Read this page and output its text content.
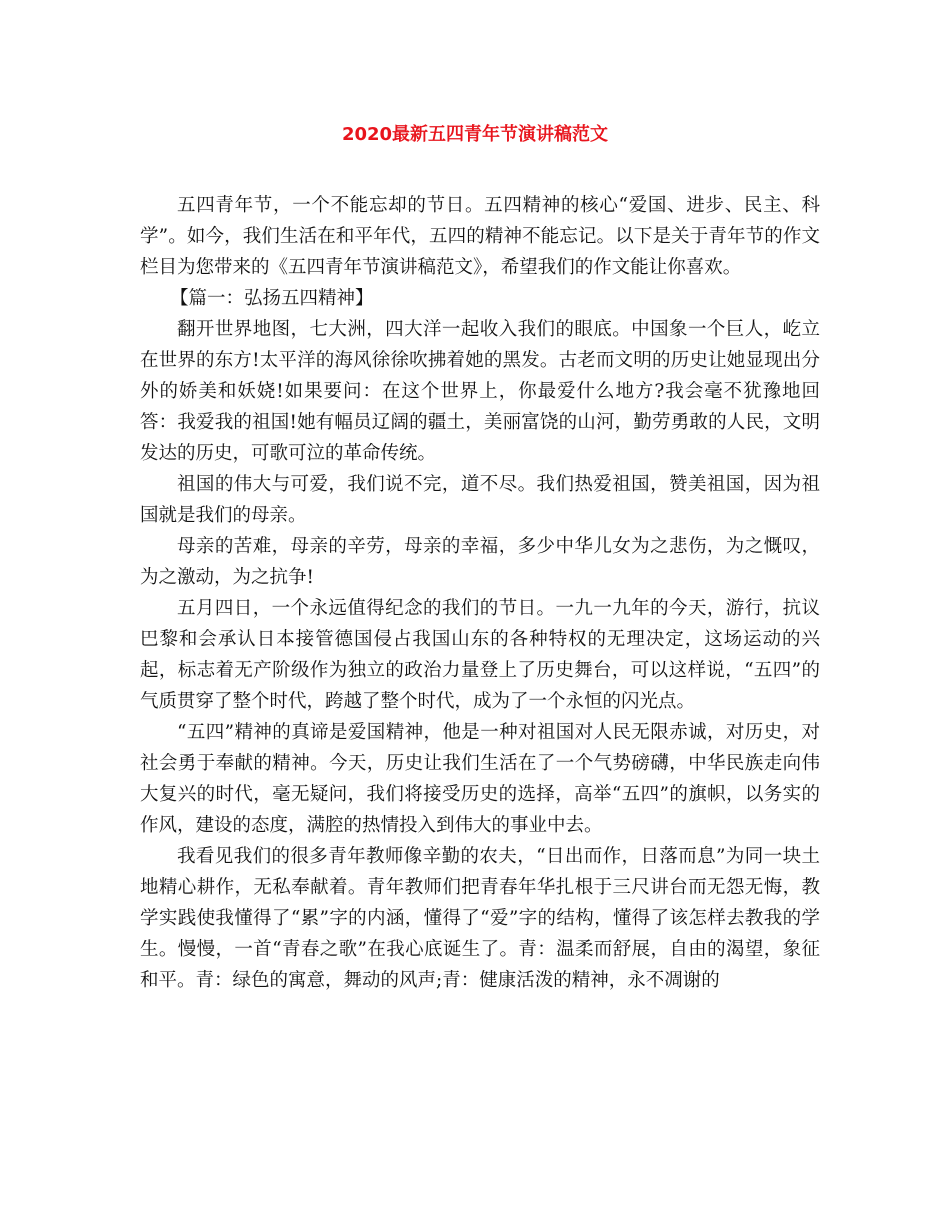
2020最新五四青年节演讲稿范文

五四青年节，一个不能忘却的节日。五四精神的核心“爱国、进步、民主、科学”。如今，我们生活在和平年代，五四的精神不能忘记。以下是关于青年节的作文栏目为您带来的《五四青年节演讲稿范文》，希望我们的作文能让你喜欢。

【篇一：弘扬五四精神】

翻开世界地图，七大洲，四大洋一起收入我们的眼底。中国象一个巨人，屹立在世界的东方!太平洋的海风徐徐吹拂着她的黑发。古老而文明的历史让她显现出分外的娇美和妖娆!如果要问：在这个世界上，你最爱什么地方?我会毫不犹豫地回答：我爱我的祖国!她有幅员辽阔的疆土，美丽富饶的山河，勤劳勇敢的人民，文明发达的历史，可歌可泣的革命传统。

祖国的伟大与可爱，我们说不完，道不尽。我们热爱祖国，赞美祖国，因为祖国就是我们的母亲。

母亲的苦难，母亲的辛劳，母亲的幸福，多少中华儿女为之悲伤，为之慨叹，为之激动，为之抗争!

五月四日，一个永远值得纪念的我们的节日。一九一九年的今天，游行，抗议巴黎和会承认日本接管德国侵占我国山东的各种特权的无理决定，这场运动的兴起，标志着无产阶级作为独立的政治力量登上了历史舞台，可以这样说，“五四”的气质贯穿了整个时代，跨越了整个时代，成为了一个永恒的闪光点。

“五四”精神的真谛是爱国精神，他是一种对祖国对人民无限赤诚，对历史，对社会勇于奉献的精神。今天，历史让我们生活在了一个气势磅礴，中华民族走向伟大复兴的时代，毫无疑问，我们将接受历史的选择，高举“五四”的旗帜，以务实的作风，建设的态度，满腔的热情投入到伟大的事业中去。

我看见我们的很多青年教师像辛勤的农夫，“日出而作，日落而息”为同一块土地精心耕作，无私奉献着。青年教师们把青春年华扎根于三尺讲台而无怨无悔，教学实践使我懂得了“累”字的内涵，懂得了“爱”字的结构，懂得了该怎样去教我的学生。慢慢，一首“青春之歌”在我心底诞生了。青：温柔而舒展，自由的渴望，象征和平。青：绿色的寓意，舞动的风声;青：健康活泼的精神，永不凋谢的
